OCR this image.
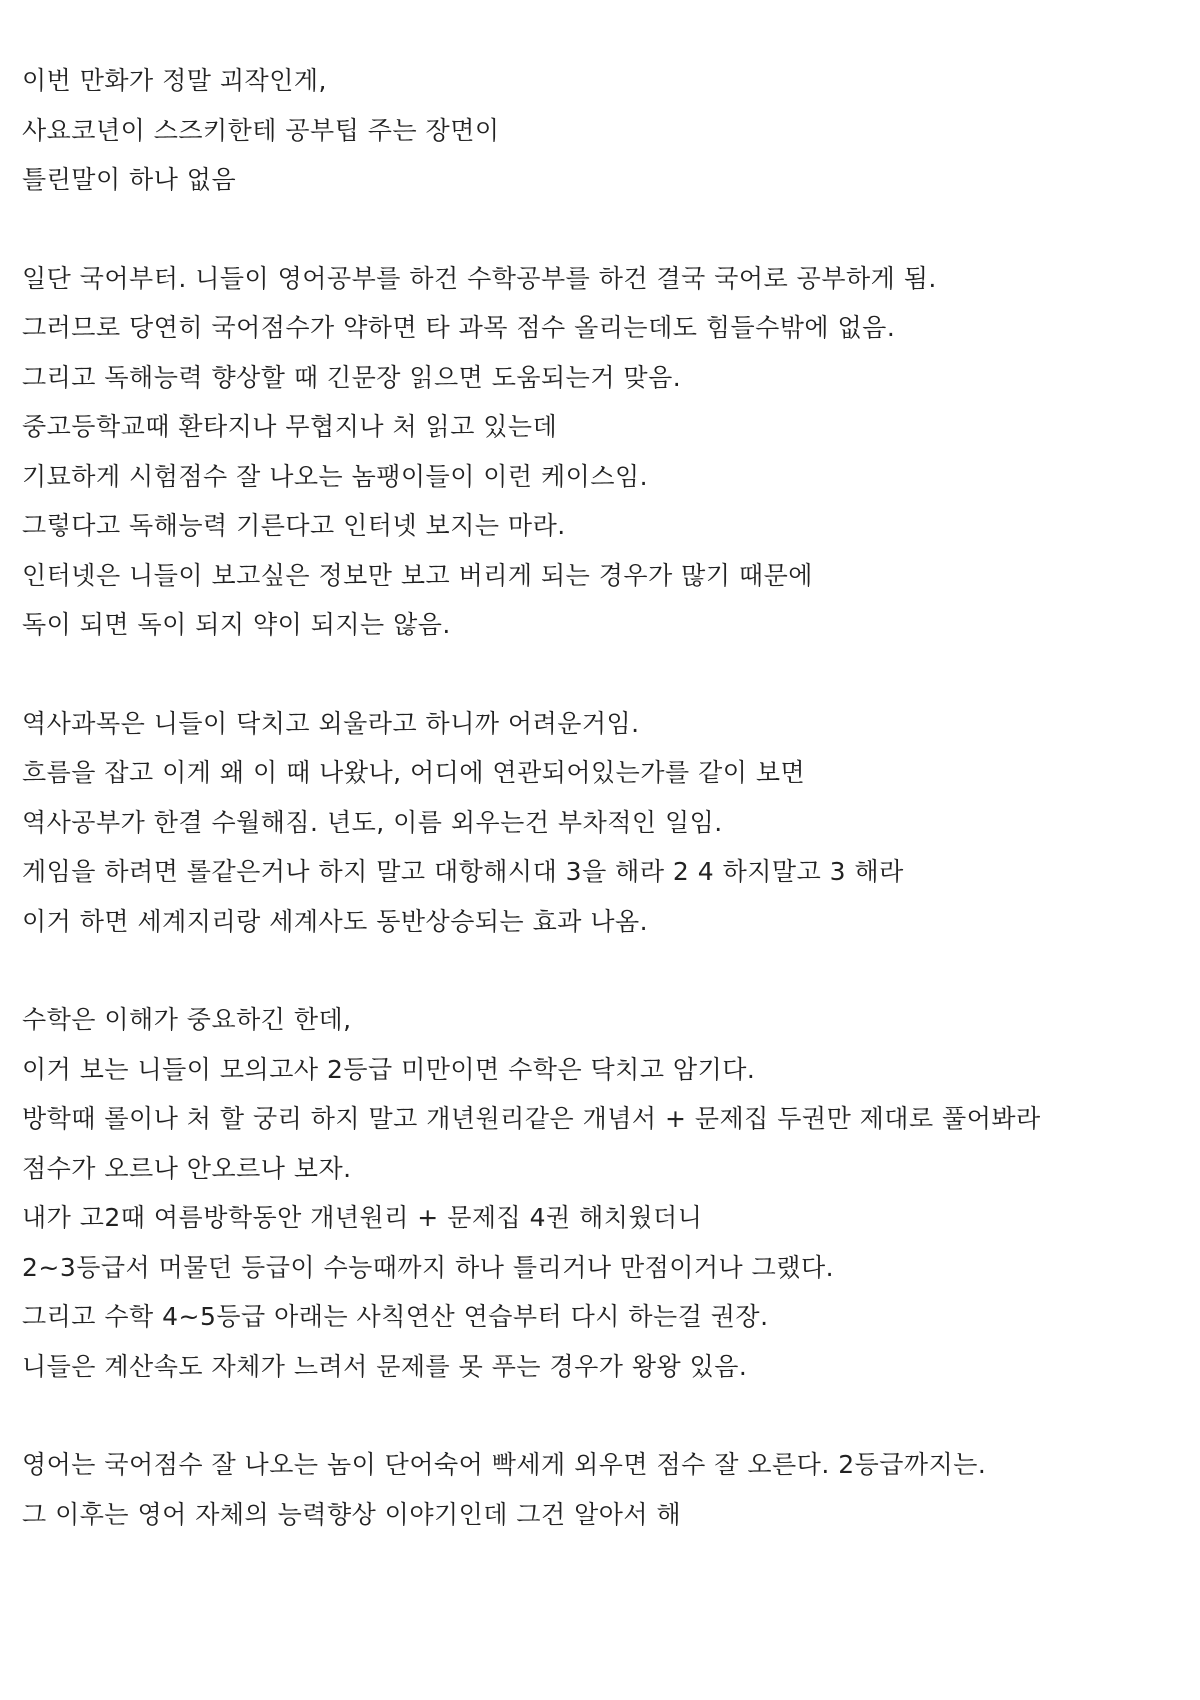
이번 만화가 정말 괴작인게,
사요코년이 스즈키한테 공부팁 주는 장면이
틀린말이 하나 없음
일단 국어부터. 니들이 영어공부를 하건 수학공부를 하건 결국 국어로 공부하게 됨.
그러므로 당연히 국어점수가 약하면 타 과목 점수 올리는데도 힘들수밖에 없음.
그리고 독해능력 향상할 때 긴문장 읽으면 도움되는거 맞음.
중고등학교때 환타지나 무협지나 처 읽고 있는데
기묘하게 시험점수 잘 나오는 놈팽이들이 이런 케이스임.
그렇다고 독해능력 기른다고 인터넷 보지는 마라.
인터넷은 니들이 보고싶은 정보만 보고 버리게 되는 경우가 많기 때문에
독이 되면 독이 되지 약이 되지는 않음.
역사과목은 니들이 닥치고 외울라고 하니까 어려운거임.
흐름을 잡고 이게 왜 이 때 나왔나, 어디에 연관되어있는가를 같이 보면
역사공부가 한결 수월해짐. 년도, 이름 외우는건 부차적인 일임.
게임을 하려면 롤같은거나 하지 말고 대항해시대 3을 해라 2 4 하지말고 3 해라
이거 하면 세계지리랑 세계사도 동반상승되는 효과 나옴.
수학은 이해가 중요하긴 한데,
이거 보는 니들이 모의고사 2등급 미만이면 수학은 닥치고 암기다.
방학때 롤이나 처 할 궁리 하지 말고 개년원리같은 개념서 + 문제집 두권만 제대로 풀어봐라
점수가 오르나 안오르나 보자.
내가 고2때 여름방학동안 개년원리 + 문제집 4권 해치웠더니
2~3등급서 머물던 등급이 수능때까지 하나 틀리거나 만점이거나 그랬다.
그리고 수학 4~5등급 아래는 사칙연산 연습부터 다시 하는걸 권장.
니들은 계산속도 자체가 느려서 문제를 못 푸는 경우가 왕왕 있음.
영어는 국어점수 잘 나오는 놈이 단어숙어 빡세게 외우면 점수 잘 오른다. 2등급까지는.
그 이후는 영어 자체의 능력향상 이야기인데 그건 알아서 해
